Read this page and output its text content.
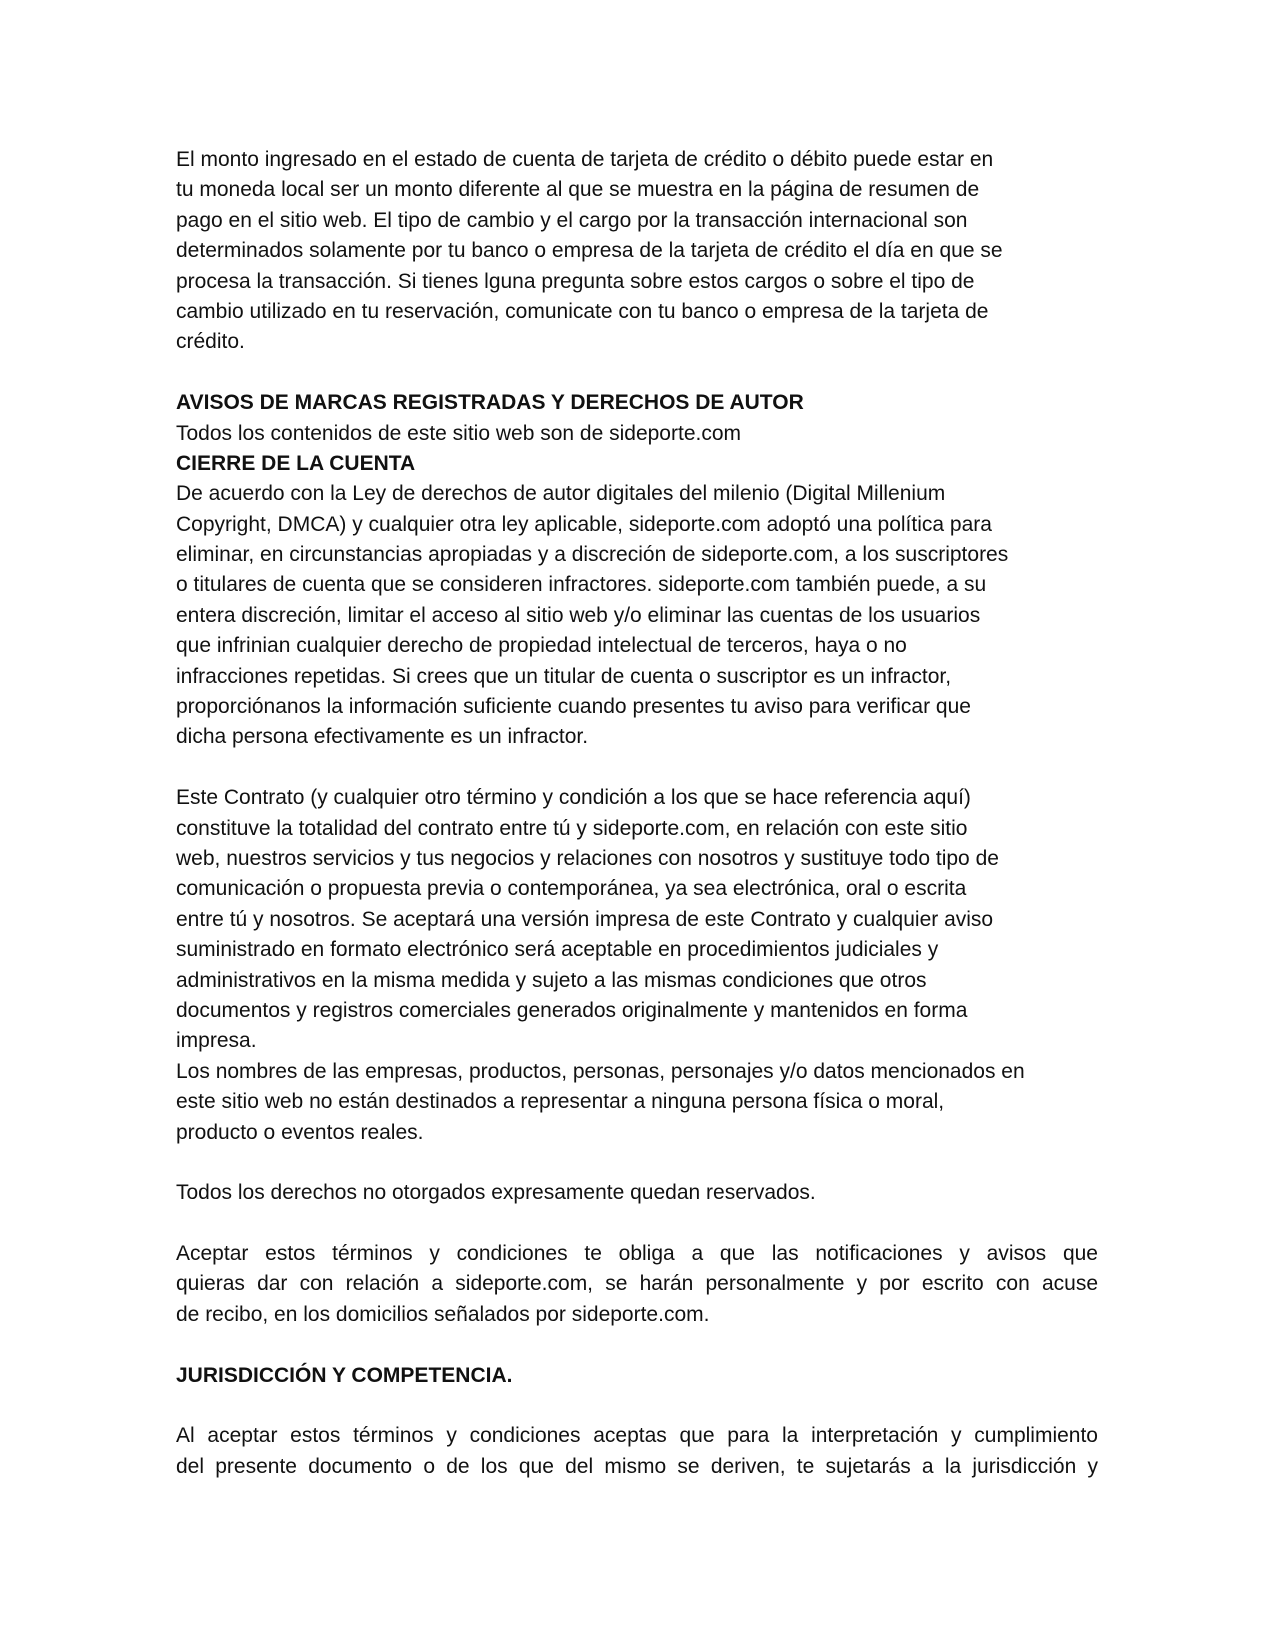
El monto ingresado en el estado de cuenta de tarjeta de crédito o débito puede estar en
tu moneda local ser un monto diferente al que se muestra en la página de resumen de
pago en el sitio web. El tipo de cambio y el cargo por la transacción internacional son
determinados solamente por tu banco o empresa de la tarjeta de crédito el día en que se
procesa la transacción. Si tienes lguna pregunta sobre estos cargos o sobre el tipo de
cambio utilizado en tu reservación, comunicate con tu banco o empresa de la tarjeta de
crédito.
AVISOS DE MARCAS REGISTRADAS Y DERECHOS DE AUTOR
Todos los contenidos de este sitio web son de sideporte.com
CIERRE DE LA CUENTA
De acuerdo con la Ley de derechos de autor digitales del milenio (Digital Millenium
Copyright, DMCA) y cualquier otra ley aplicable, sideporte.com adoptó una política para
eliminar, en circunstancias apropiadas y a discreción de sideporte.com, a los suscriptores
o titulares de cuenta que se consideren infractores. sideporte.com también puede, a su
entera discreción, limitar el acceso al sitio web y/o eliminar las cuentas de los usuarios
que infrinian cualquier derecho de propiedad intelectual de terceros, haya o no
infracciones repetidas. Si crees que un titular de cuenta o suscriptor es un infractor,
proporciónanos la información suficiente cuando presentes tu aviso para verificar que
dicha persona efectivamente es un infractor.
Este Contrato (y cualquier otro término y condición a los que se hace referencia aquí)
constituve la totalidad del contrato entre tú y sideporte.com, en relación con este sitio
web, nuestros servicios y tus negocios y relaciones con nosotros y sustituye todo tipo de
comunicación o propuesta previa o contemporánea, ya sea electrónica, oral o escrita
entre tú y nosotros. Se aceptará una versión impresa de este Contrato y cualquier aviso
suministrado en formato electrónico será aceptable en procedimientos judiciales y
administrativos en la misma medida y sujeto a las mismas condiciones que otros
documentos y registros comerciales generados originalmente y mantenidos en forma
impresa.
Los nombres de las empresas, productos, personas, personajes y/o datos mencionados en
este sitio web no están destinados a representar a ninguna persona física o moral,
producto o eventos reales.
Todos los derechos no otorgados expresamente quedan reservados.
Aceptar estos términos y condiciones te obliga a que las notificaciones y avisos que
quieras dar con relación a sideporte.com, se harán personalmente y por escrito con acuse
de recibo, en los domicilios señalados por sideporte.com.
JURISDICCIÓN Y COMPETENCIA.
Al aceptar estos términos y condiciones aceptas que para la interpretación y cumplimiento
del presente documento o de los que del mismo se deriven, te sujetarás a la jurisdicción y
